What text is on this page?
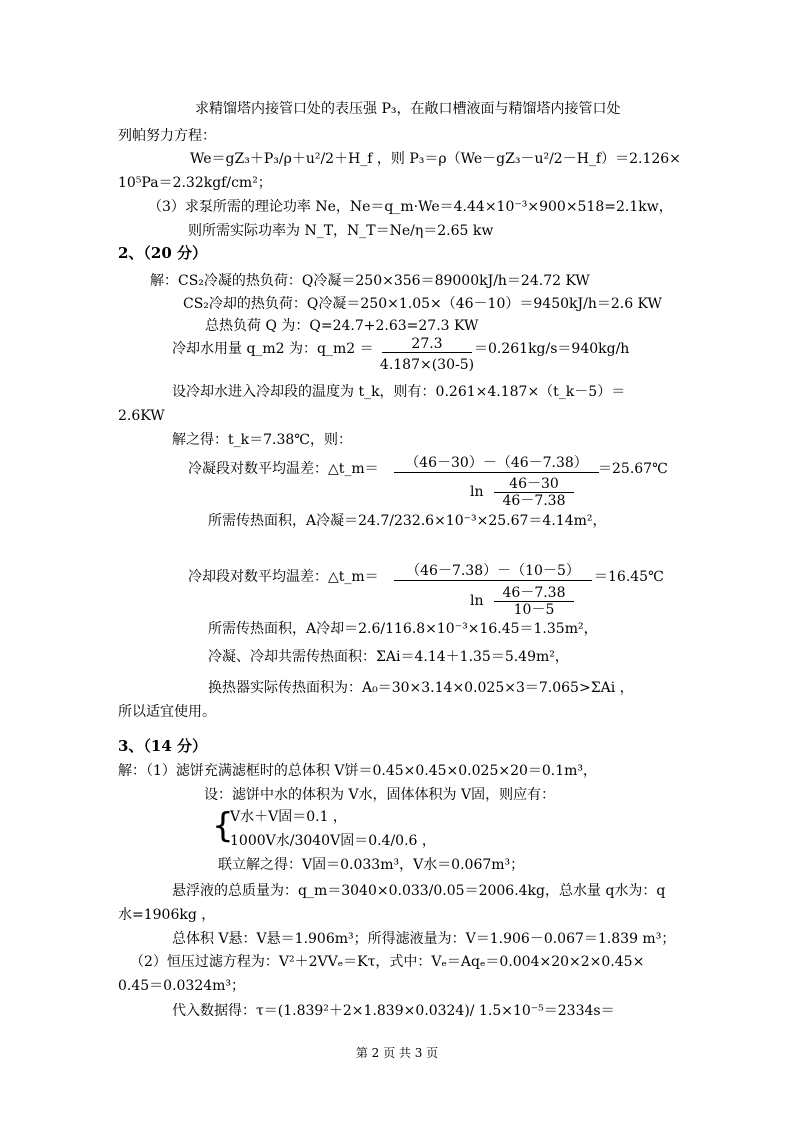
求精馏塔内接管口处的表压强 P₃，在敞口槽液面与精馏塔内接管口处
列帕努力方程：
We＝gZ₃＋P₃/ρ＋u²/2＋H_f ，则 P₃＝ρ（We－gZ₃－u²/2－H_f）＝2.126×
10⁵Pa＝2.32kgf/cm²；
（3）求泵所需的理论功率 Ne，Ne＝q_m·We＝4.44×10⁻³×900×518=2.1kw，
则所需实际功率为 N_T，N_T＝Ne/η＝2.65 kw
2、（20 分）
解：CS₂冷凝的热负荷：Q冷凝＝250×356＝89000kJ/h＝24.72 KW
CS₂冷却的热负荷：Q冷凝＝250×1.05×（46－10）＝9450kJ/h＝2.6 KW
总热负荷 Q 为：Q=24.7+2.63=27.3 KW
冷却水用量 q_m2 为：q_m2 ＝	27.3
4.187×(30-5)
＝0.261kg/s＝940kg/h
设冷却水进入冷却段的温度为 t_k，则有：0.261×4.187×（t_k－5）＝
2.6KW
解之得：t_k＝7.38℃，则：
冷凝段对数平均温差：△t_m＝	（46－30）－（46－7.38）
ln	46－30
46－7.38
＝25.67℃
所需传热面积，A冷凝＝24.7/232.6×10⁻³×25.67＝4.14m²，
冷却段对数平均温差：△t_m＝	（46－7.38）－（10－5）
ln	46－7.38
10－5
＝16.45℃
所需传热面积，A冷却＝2.6/116.8×10⁻³×16.45＝1.35m²，
冷凝、冷却共需传热面积：ΣAi＝4.14＋1.35＝5.49m²，
换热器实际传热面积为：A₀＝30×3.14×0.025×3＝7.065>ΣAi ，
所以适宜使用。
3、（14 分）
解：（1）滤饼充满滤框时的总体积 V饼＝0.45×0.45×0.025×20＝0.1m³，
设：滤饼中水的体积为 V水，固体体积为 V固，则应有：
{
V水＋V固＝0.1 ，
1000V水/3040V固＝0.4/0.6 ，
联立解之得：V固＝0.033m³，V水＝0.067m³；
悬浮液的总质量为：q_m＝3040×0.033/0.05＝2006.4kg，总水量 q水为：q
水=1906kg ，
总体积 V悬：V悬＝1.906m³；所得滤液量为：V＝1.906－0.067＝1.839 m³；
（2）恒压过滤方程为：V²＋2VVₑ＝Kτ，式中：Vₑ＝Aqₑ＝0.004×20×2×0.45×
0.45＝0.0324m³；
代入数据得：τ＝(1.839²＋2×1.839×0.0324)/ 1.5×10⁻⁵＝2334s＝
第 2 页 共 3 页
